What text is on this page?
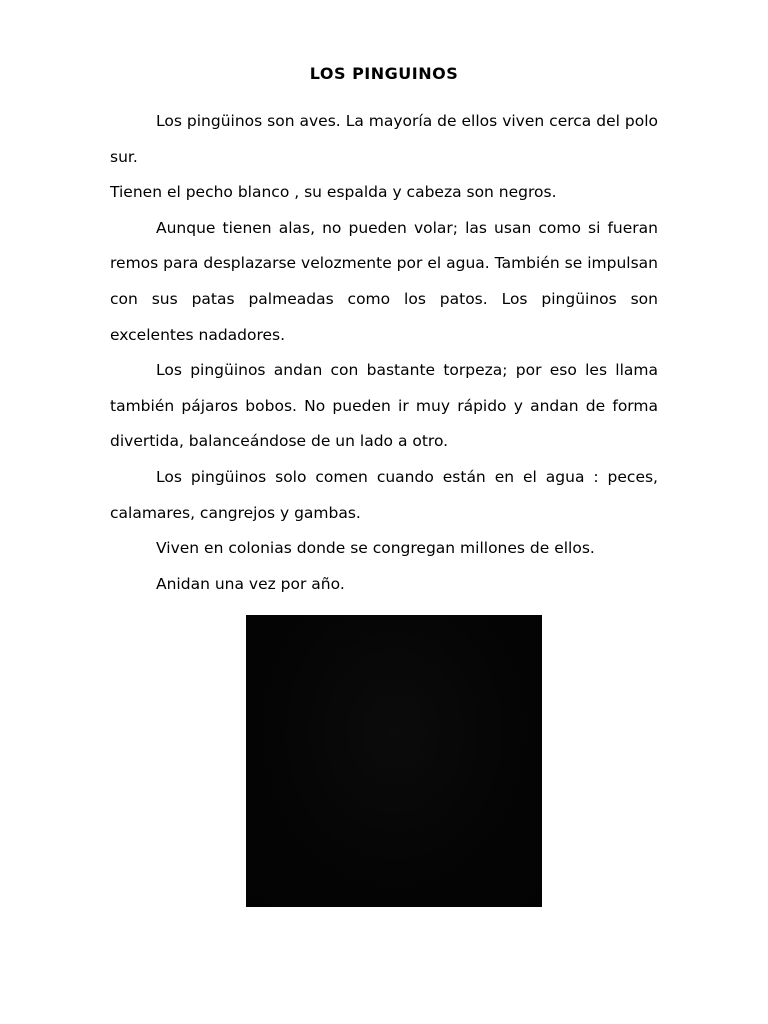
LOS PINGUINOS

Los pingüinos son aves. La mayoría de ellos viven cerca del polo sur.

Tienen el pecho blanco , su espalda y cabeza son negros.

Aunque tienen alas, no pueden volar; las usan como si fueran remos para desplazarse velozmente por el agua. También se impulsan con sus patas palmeadas como los patos. Los pingüinos son excelentes nadadores.

Los pingüinos andan con bastante torpeza; por eso les llama también pájaros bobos. No pueden ir muy rápido y andan de forma divertida, balanceándose de un lado a otro.

Los pingüinos solo comen cuando están en el agua : peces, calamares, cangrejos y gambas.

Viven en colonias donde se congregan millones de ellos.

Anidan una vez por año.
